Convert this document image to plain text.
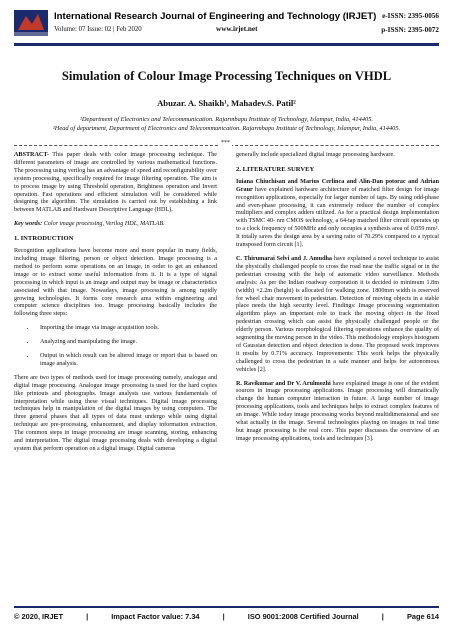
International Research Journal of Engineering and Technology (IRJET)
Volume: 07 Issue: 02 | Feb 2020	www.irjet.net
e-ISSN: 2395-0056
p-ISSN: 2395-0072
Simulation of Colour Image Processing Techniques on VHDL
Abuzar. A. Shaikh¹, Mahadev.S. Patil²
¹Department of Electronics and Telecommunication. Rajarmbapu Institute of Technology, Islampur, India, 414405.
²Head of department, Department of Electronics and Telecommunication. Rajarmbapu Institute of Technology, Islampur, India, 414405.
***

ABSTRACT- This paper deals with color image processing technique. The different parameters of image are controlled by various mathematical functions. The processing using verilog has an advantage of speed and reconfigurability over system processing, specifically required for image filtering operation. The aim is to process image by using Threshold operation, Brightness operation and Invert operation. Fast operations and efficient simulation will be considered while designing the algorithm. The simulation is carried out by establishing a link between MATLAB and Hardware Descriptive Language (HDL).

Key words: Color image processing, Verilog HDL, MATLAB.

1. INTRODUCTION

Recognition applications have become more and more popular in many fields, including image filtering, person or object detection. Image processing is a method to perform some operations on an image, in order to get an enhanced image or to extract some useful information from it. It is a type of signal processing in which input is an image and output may be image or characteristics associated with that image. Nowadays, image processing is among rapidly growing technologies. It forms core research area within engineering and computer science disciplines too. Image processing basically includes the following three steps:

• Importing the image via image acquisition tools.
• Analyzing and manipulating the image.
• Output in which result can be altered image or report that is based on image analysis.

There are two types of methods used for image processing namely, analogue and digital image processing. Analogue image processing is used for the hard copies like printouts and photographs. Image analysts use various fundamentals of interpretation while using these visual techniques. Digital image processing techniques help in manipulation of the digital images by using computers. The three general phases that all types of data must undergo while using digital technique are pre-processing, enhancement, and display information extraction. The common steps in image processing are image scanning, storing, enhancing and interpretation. The digital image processing deals with developing a digital system that perform operation on a digital image. Digital cameras

generally include specialized digital image processing hardware.

2. LITERATURE SURVEY

Iuiana Chiuchisan and Marius Cerlinca and Alin-Dan potorac and Adrian Graur have explained hardware architecture of matched filter design for image recognition applications, especially for larger number of taps. By using odd-phase and even-phase processing, it can extremely reduce the number of complex multipliers and complex adders utilized. As for a practical design implementation with TSMC 40- nm CMOS technology, a 64-tap matched filter circuit operates up to a clock frequency of 500MHz and only occupies a synthesis area of 0.059 mm². It totally saves the design area by a saving ratio of 70.29% compared to a typical transposed form circuit [1].

C. Thirumarai Selvi and J. Amudha have explained a novel technique to assist the physically challenged people to cross the road near the traffic signal or in the pedestrian crossing with the help of automatic video surveillance. Methods analysis: As per the Indian roadway corporation it is decided to minimum 1.8m (width) ×2.2m (height) is allocated for walking zone. 1800mm width is reserved for wheel chair movement in pedestrian. Detection of moving objects in a stable place needs the high security level. Findings: Image processing segmentation algorithm plays an important role to track the moving object in the fixed pedestrian crossing which can assist the physically challenged people or the elderly person. Various morphological filtering operations enhance the quality of segmenting the moving person in the video. This methodology employs histogram of Gaussian detection and object detection is done. The proposed work improves it results by 0.71% accuracy. Improvements: This work helps the physically challenged to cross the pedestrian in a safe manner and helps for autonomous vehicles [2].

R. Ravikumar and Dr V. Arulmozhi have explained image is one of the evident sources in image processing applications. Image processing will dramatically change the human computer interaction in future. A large number of image processing applications, tools and techniques helps to extract complex features of an image. While today image processing works beyond multidimensional and see what actually in the image. Several technologies playing on images in real time but image processing is the real core. This paper discusses the overview of an image processing applications, tools and techniques [3].

© 2020, IRJET	|	Impact Factor value: 7.34	|	ISO 9001:2008 Certified Journal	|	Page 614
